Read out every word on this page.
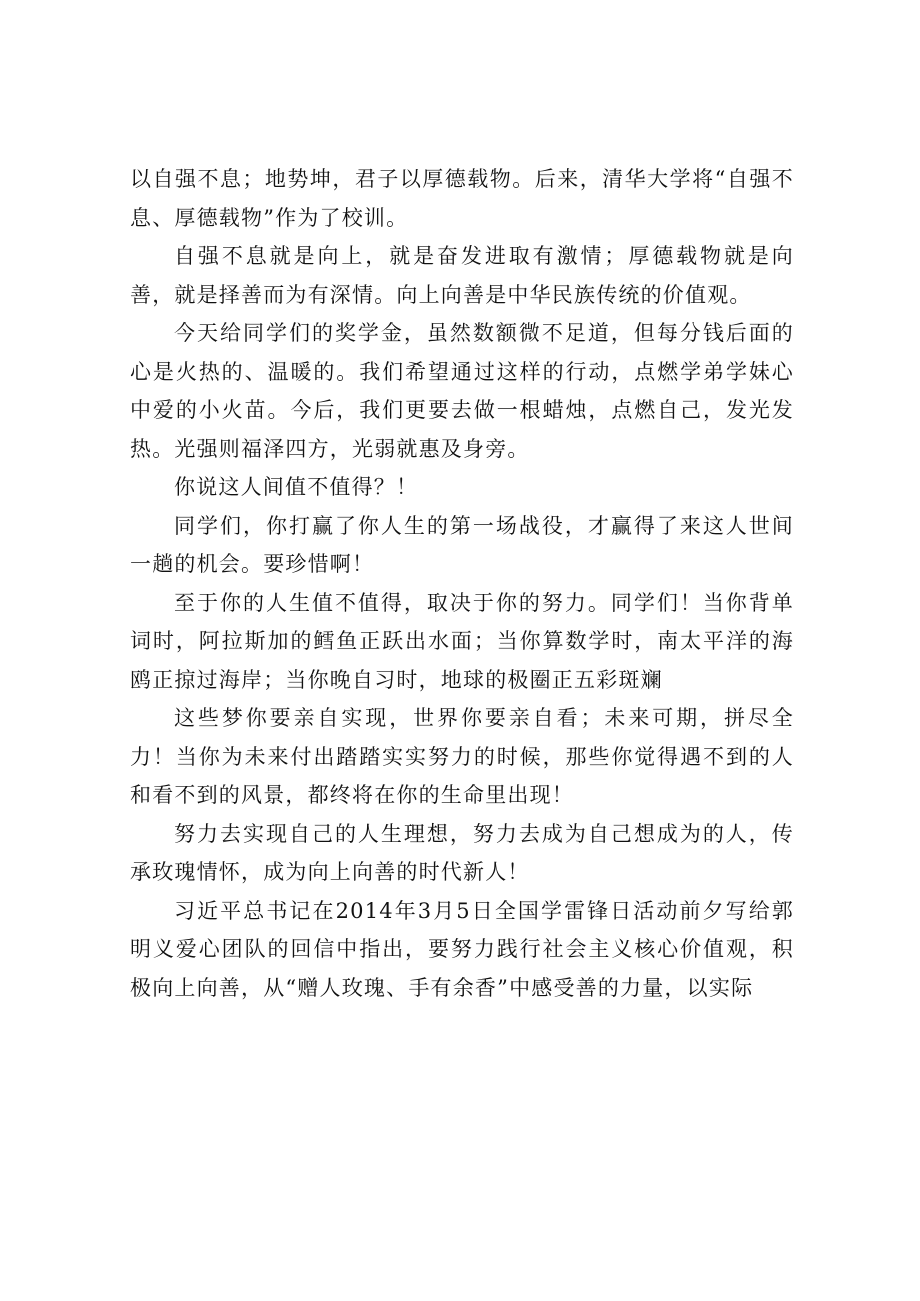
以自强不息；地势坤，君子以厚德载物。后来，清华大学将“自强不息、厚德载物”作为了校训。

自强不息就是向上，就是奋发进取有激情；厚德载物就是向善，就是择善而为有深情。向上向善是中华民族传统的价值观。

今天给同学们的奖学金，虽然数额微不足道，但每分钱后面的心是火热的、温暖的。我们希望通过这样的行动，点燃学弟学妹心中爱的小火苗。今后，我们更要去做一根蜡烛，点燃自己，发光发热。光强则福泽四方，光弱就惠及身旁。

你说这人间值不值得？！

同学们，你打赢了你人生的第一场战役，才赢得了来这人世间一趟的机会。要珍惜啊！

至于你的人生值不值得，取决于你的努力。同学们！当你背单词时，阿拉斯加的鳕鱼正跃出水面；当你算数学时，南太平洋的海鸥正掠过海岸；当你晚自习时，地球的极圈正五彩斑斓

这些梦你要亲自实现，世界你要亲自看；未来可期，拼尽全力！当你为未来付出踏踏实实努力的时候，那些你觉得遇不到的人和看不到的风景，都终将在你的生命里出现！

努力去实现自己的人生理想，努力去成为自己想成为的人，传承玫瑰情怀，成为向上向善的时代新人！

习近平总书记在2014年3月5日全国学雷锋日活动前夕写给郭明义爱心团队的回信中指出，要努力践行社会主义核心价值观，积极向上向善，从“赠人玫瑰、手有余香”中感受善的力量，以实际
